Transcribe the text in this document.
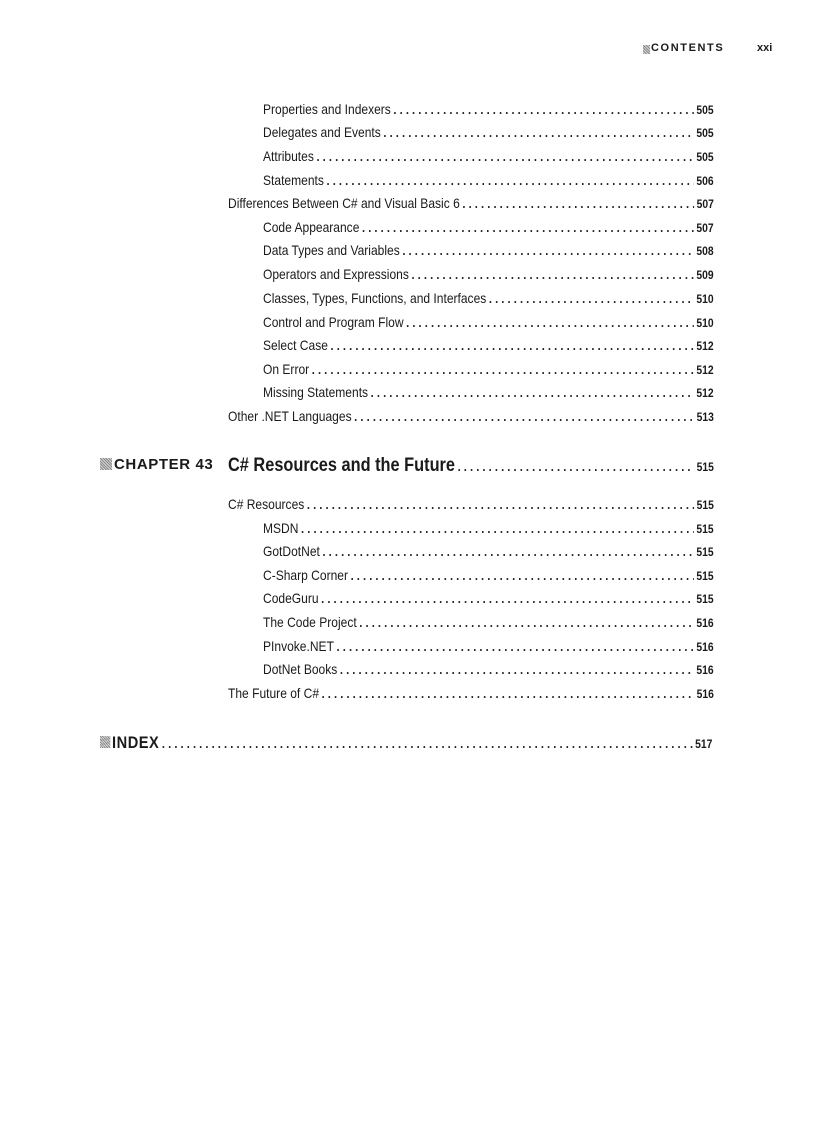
CONTENTS	xxi
Properties and Indexers . . .	505
Delegates and Events . . .	505
Attributes . . .	505
Statements . . .	506
Differences Between C# and Visual Basic 6 . . .	507
Code Appearance . . .	507
Data Types and Variables . . .	508
Operators and Expressions . . .	509
Classes, Types, Functions, and Interfaces . . .	510
Control and Program Flow . . .	510
Select Case . . .	512
On Error . . .	512
Missing Statements . . .	512
Other .NET Languages . . .	513
CHAPTER 43 C# Resources and the Future . . .	515
C# Resources . . .	515
MSDN . . .	515
GotDotNet . . .	515
C-Sharp Corner . . .	515
CodeGuru . . .	515
The Code Project . . .	516
PInvoke.NET . . .	516
DotNet Books . . .	516
The Future of C# . . .	516
INDEX . . .	517
